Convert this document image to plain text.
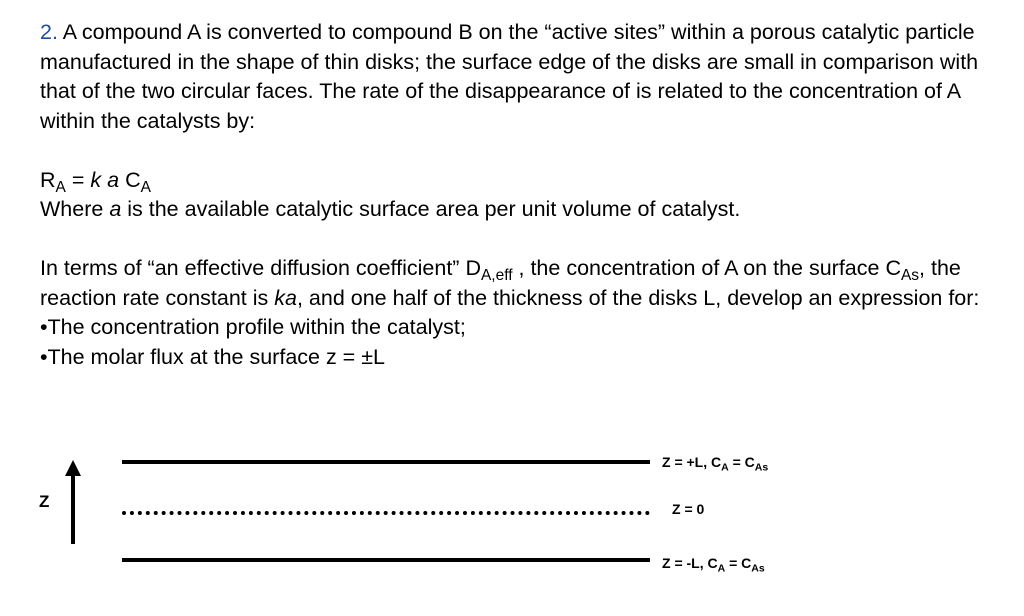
2. A compound A is converted to compound B on the “active sites” within a porous catalytic particle manufactured in the shape of thin disks; the surface edge of the disks are small in comparison with that of the two circular faces. The rate of the disappearance of is related to the concentration of A within the catalysts by:

$R_A = k$ a $C_A$

Where a is the available catalytic surface area per unit volume of catalyst.

In terms of “an effective diffusion coefficient” $D_{A,eff}$ , the concentration of A on the surface $C_{As}$, the reaction rate constant is ka, and one half of the thickness of the disks L, develop an expression for:

•The concentration profile within the catalyst;

•The molar flux at the surface z = ±L

Z
Z = +L, $C_A = C_{As}$
Z = 0
Z = -L, $C_A = C_{As}$
